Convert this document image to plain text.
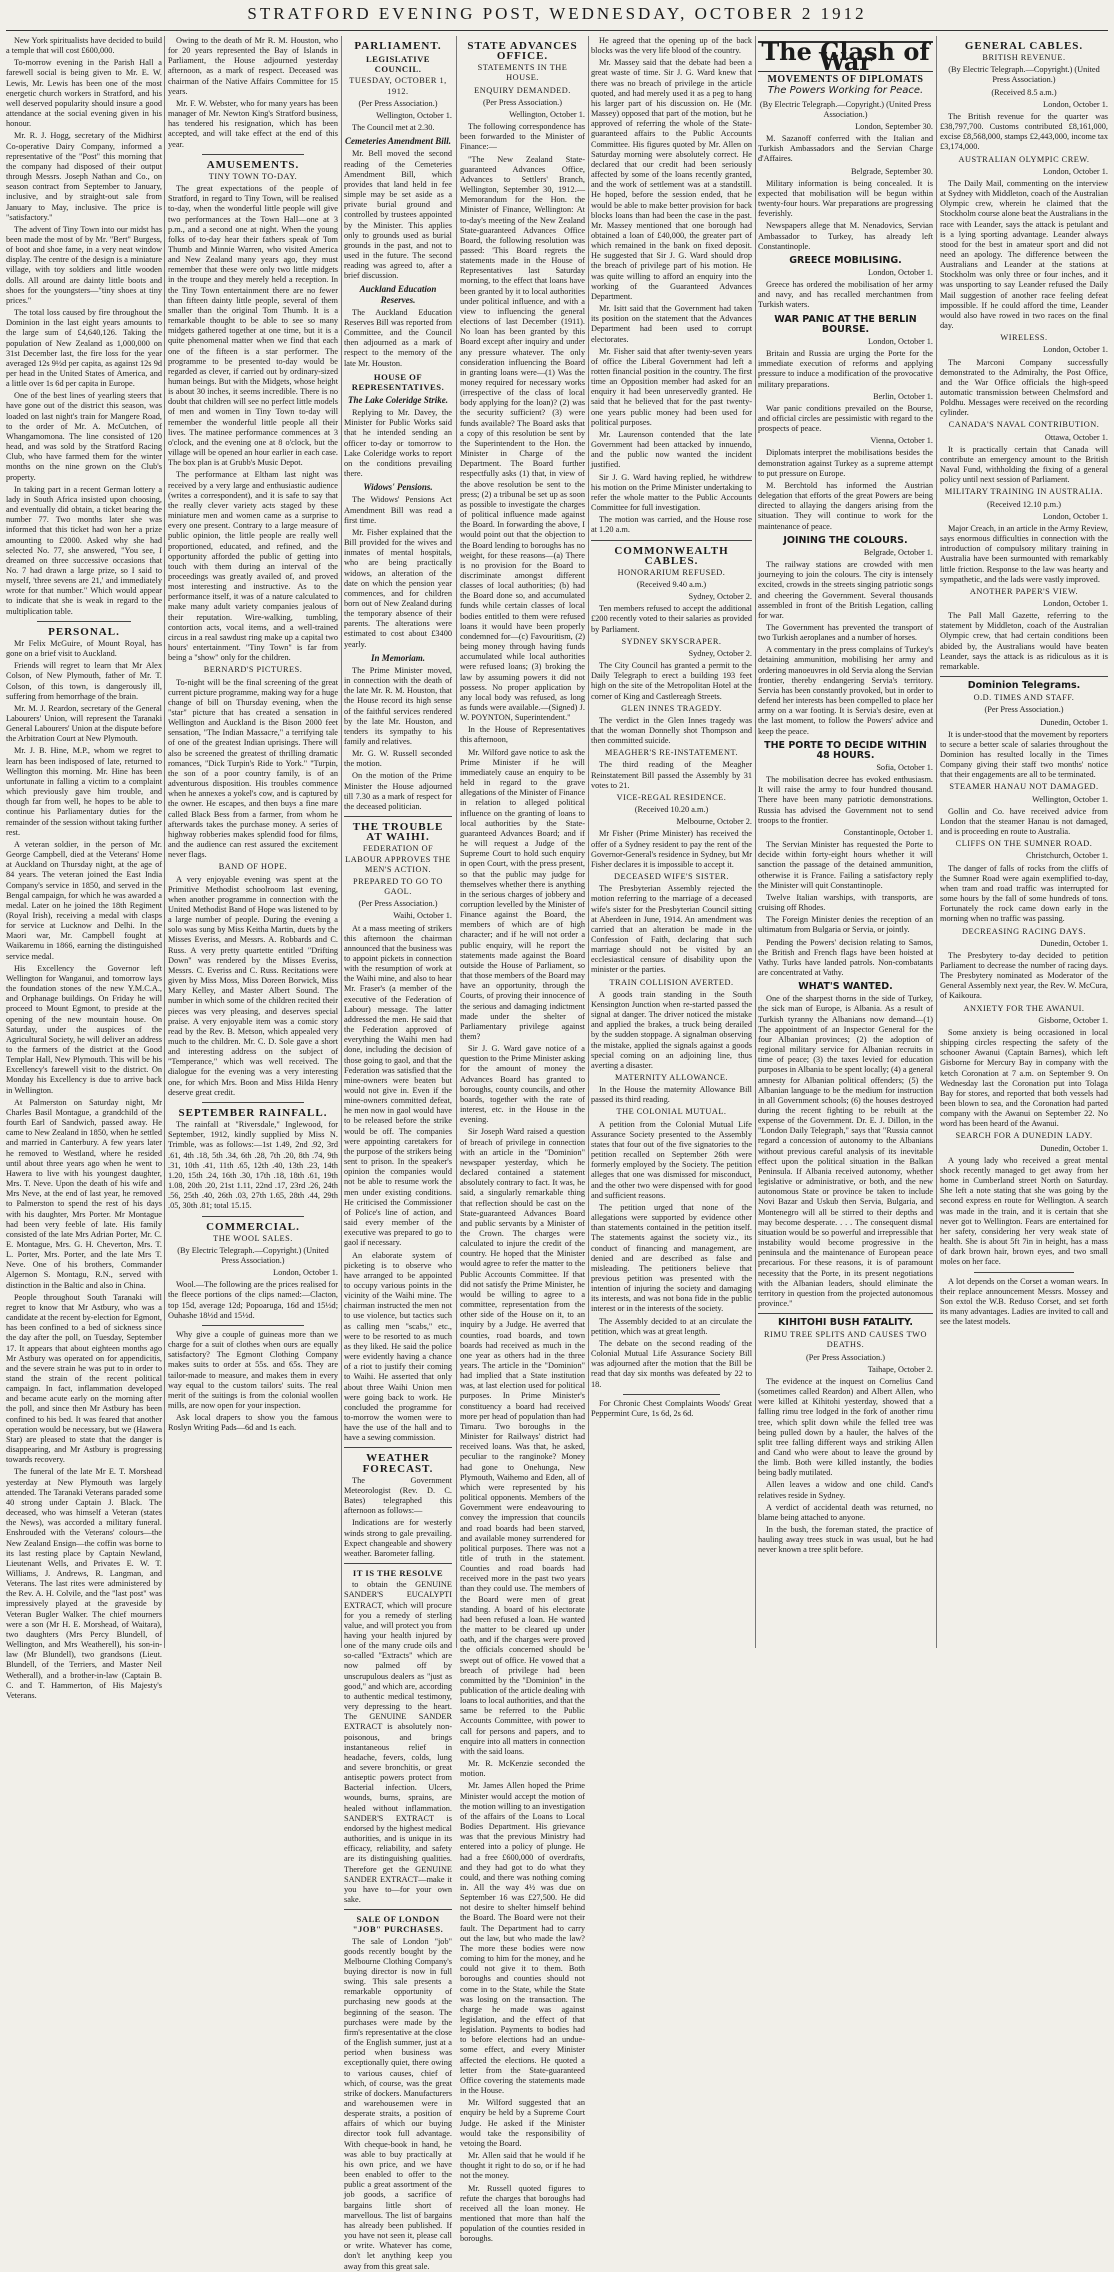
STRATFORD EVENING POST, WEDNESDAY, OCTOBER 2 1912

New York spiritualists have decided to build a temple that will cost £600,000.

To-morrow evening in the Parish Hall a farewell social is being given to Mr. E. W. Lewis, Mr. Lewis has been one of the most energetic church workers in Stratford, and his well deserved popularity should insure a good attendance at the social evening given in his honour.

Mr. R. J. Hogg, secretary of the Midhirst Co-operative Dairy Company, informed a representative of the "Post" this morning that the company had disposed of their output through Messrs. Joseph Nathan and Co., on season contract from September to January, inclusive, and by straight-out sale from January to May, inclusive. The price is "satisfactory."

The advent of Tiny Town into our midst has been made the most of by Mr. "Bert" Burgess, of boot and shoe fame, in a very neat window display. The centre of the design is a miniature village, with toy soldiers and little wooden dolls. All around are dainty little boots and shoes for the youngsters—"tiny shoes at tiny prices."

The total loss caused by fire throughout the Dominion in the last eight years amounts to the large sum of £4,640,126. Taking the population of New Zealand as 1,000,000 on 31st December last, the fire loss for the year averaged 12s 9½d per capita, as against 12s 9d per head in the United States of America, and a little over 1s 6d per capita in Europe.

One of the best lines of yearling steers that have gone out of the district this season, was loaded on last night's train for Mangere Road, to the order of Mr. A. McCutchen, of Whangamomona. The line consisted of 120 head, and was sold by the Stratford Racing Club, who have farmed them for the winter months on the nine grown on the Club's property.

In taking part in a recent German lottery a lady in South Africa insisted upon choosing, and eventually did obtain, a ticket bearing the number 77. Two months later she was informed that this ticket had won her a prize amounting to £2000. Asked why she had selected No. 77, she answered, "You see, I dreamed on three successive occasions that No. 7 had drawn a large prize, so I said to myself, 'three sevens are 21,' and immediately wrote for that number." Which would appear to indicate that she is weak in regard to the multiplication table.

PERSONAL.

Mr Felix McGuire, of Mount Royal, has gone on a brief visit to Auckland.

Friends will regret to learn that Mr Alex Colson, of New Plymouth, father of Mr. T. Colson, of this town, is dangerously ill, suffering from hemorrhage of the brain.

Mr. M. J. Reardon, secretary of the General Labourers' Union, will represent the Taranaki General Labourers' Union at the dispute before the Arbitration Court at New Plymouth.

Mr. J. B. Hine, M.P., whom we regret to learn has been indisposed of late, returned to Wellington this morning. Mr. Hine has been unfortunate in falling a victim to a complaint which previously gave him trouble, and though far from well, he hopes to be able to continue his Parliamentary duties for the remainder of the session without taking further rest.

A veteran soldier, in the person of Mr. George Campbell, died at the Veterans' Home at Auckland on Thursday night, at the age of 84 years. The veteran joined the East India Company's service in 1850, and served in the Bengal campaign, for which he was awarded a medal. Later on he joined the 18th Regiment (Royal Irish), receiving a medal with clasps for service at Lucknow and Delhi. In the Maori war, Mr. Campbell fought at Waikaremu in 1866, earning the distinguished service medal.

His Excellency the Governor left Wellington for Wanganui, and tomorrow lays the foundation stones of the new Y.M.C.A., and Orphanage buildings. On Friday he will proceed to Mount Egmont, to preside at the opening of the new mountain house. On Saturday, under the auspices of the Agricultural Society, he will deliver an address to the farmers of the district at the Good Templar Hall, New Plymouth. This will be his Excellency's farewell visit to the district. On Monday his Excellency is due to arrive back in Wellington.

At Palmerston on Saturday night, Mr Charles Basil Montague, a grandchild of the fourth Earl of Sandwich, passed away. He came to New Zealand in 1850, when he settled and married in Canterbury. A few years later he removed to Westland, where he resided until about three years ago when he went to Hawera to live with his youngest daughter, Mrs. T. Neve. Upon the death of his wife and Mrs Neve, at the end of last year, he removed to Palmerston to spend the rest of his days with his daughter, Mrs Porter. Mr Montague had been very feeble of late. His family consisted of the late Mrs Adrian Porter, Mr. C. E. Montague, Mrs. G. H. Cheverton, Mrs. T. L. Porter, Mrs. Porter, and the late Mrs T. Neve. One of his brothers, Commander Algernon S. Montagu, R.N., served with distinction in the Baltic and also in China.

People throughout South Taranaki will regret to know that Mr Astbury, who was a candidate at the recent by-election for Egmont, has been confined to a bed of sickness since the day after the poll, on Tuesday, September 17. It appears that about eighteen months ago Mr Astbury was operated on for appendicitis, and the severe strain he was put to in order to stand the strain of the recent political campaign. In fact, inflammation developed and became acute early on the morning after the poll, and since then Mr Astbury has been confined to his bed. It was feared that another operation would be necessary, but we (Hawera Star) are pleased to state that the danger is disappearing, and Mr Astbury is progressing towards recovery.

The funeral of the late Mr E. T. Morshead yesterday at New Plymouth was largely attended. The Taranaki Veterans paraded some 40 strong under Captain J. Black. The deceased, who was himself a Veteran (states the News), was accorded a military funeral. Enshrouded with the Veterans' colours—the New Zealand Ensign—the coffin was borne to its last resting place by Captain Newland, Lieutenant Wells, and Privates E. W. T. Williams, J. Andrews, R. Langman, and Veterans. The last rites were administered by the Rev. A. H. Colvile, and the "last post" was impressively played at the graveside by Veteran Bugler Walker. The chief mourners were a son (Mr H. E. Morshead, of Waitara), two daughters (Mrs Percy Blundell, of Wellington, and Mrs Weatherell), his son-in-law (Mr Blundell), two grandsons (Lieut. Blundell, of the Terriers, and Master Neil Wetherall), and a brother-in-law (Captain B. C. and T. Hammerton, of His Majesty's Veterans.

Owing to the death of Mr R. M. Houston, who for 20 years represented the Bay of Islands in Parliament, the House adjourned yesterday afternoon, as a mark of respect. Deceased was chairman of the Native Affairs Committee for 15 years.

Mr. F. W. Webster, who for many years has been manager of Mr. Newton King's Stratford business, has tendered his resignation, which has been accepted, and will take effect at the end of this year.

AMUSEMENTS.
TINY TOWN TO-DAY.

The great expectations of the people of Stratford, in regard to Tiny Town, will be realised to-day, when the wonderful little people will give two performances at the Town Hall—one at 3 p.m., and a second one at night. When the young folks of to-day hear their fathers speak of Tom Thumb and Minnie Warren, who visited America and New Zealand many years ago, they must remember that these were only two little midgets in the troupe and they merely held a reception. In the Tiny Town entertainment there are no fewer than fifteen dainty little people, several of them smaller than the original Tom Thumb. It is a remarkable thought to be able to see so many midgets gathered together at one time, but it is a quite phenomenal matter when we find that each one of the fifteen is a star performer. The programme to be presented to-day would be regarded as clever, if carried out by ordinary-sized human beings. But with the Midgets, whose height is about 30 inches, it seems incredible. There is no doubt that children will see no perfect little models of men and women in Tiny Town to-day will remember the wonderful little people all their lives. The matinee performance commences at 3 o'clock, and the evening one at 8 o'clock, but the village will be opened an hour earlier in each case. The box plan is at Grubb's Music Depot.

The performance at Eltham last night was received by a very large and enthusiastic audience (writes a correspondent), and it is safe to say that the really clever variety acts staged by these miniature men and women came as a surprise to every one present. Contrary to a large measure of public opinion, the little people are really well proportioned, educated, and refined, and the opportunity afforded the public of getting into touch with them during an interval of the proceedings was greatly availed of, and proved most interesting and instructive. As to the performance itself, it was of a nature calculated to make many adult variety companies jealous of their reputation. Wire-walking, tumbling, contortion acts, vocal items, and a well-trained circus in a real sawdust ring make up a capital two hours' entertainment. "Tiny Town" is far from being a "show" only for the children.

BERNARD'S PICTURES.

To-night will be the final screening of the great current picture programme, making way for a huge change of bill on Thursday evening, when the "star" picture that has created a sensation in Wellington and Auckland is the Bison 2000 feet sensation, "The Indian Massacre," a terrifying tale of one of the greatest Indian uprisings. There will also be screened the greatest of thrilling dramatic romances, "Dick Turpin's Ride to York." "Turpin, the son of a poor country family, is of an adventurous disposition. His troubles commence when he annexes a yokel's cow, and is captured by the owner. He escapes, and then buys a fine mare called Black Bess from a farmer, from whom he afterwards takes the purchase money. A series of highway robberies makes splendid food for films, and the audience can rest assured the excitement never flags.

BAND OF HOPE.

A very enjoyable evening was spent at the Primitive Methodist schoolroom last evening, when another programme in connection with the United Methodist Band of Hope was listened to by a large number of people. During the evening a solo was sung by Miss Keitha Martin, duets by the Misses Everiss, and Messrs. A. Robbards and C. Russ. A very pretty quartette entitled "Drifting Down" was rendered by the Misses Everiss, Messrs. C. Everiss and C. Russ. Recitations were given by Miss Moss, Miss Doreen Borwick, Miss Mary Kelley, and Master Albert Sound. The number in which some of the children recited their pieces was very pleasing, and deserves special praise. A very enjoyable item was a comic story read by the Rev. B. Metson, which appealed very much to the children. Mr. C. D. Sole gave a short and interesting address on the subject of "Temperance," which was well received. The dialogue for the evening was a very interesting one, for which Mrs. Boon and Miss Hilda Henry deserve great credit.

SEPTEMBER RAINFALL.

The rainfall at "Riversdale," Inglewood, for September, 1912, kindly supplied by Miss N. Trimble, was as follows:—1st 1.49, 2nd .92, 3rd .61, 4th .18, 5th .34, 6th .28, 7th .20, 8th .74, 9th .31, 10th .41, 11th .65, 12th .40, 13th .23, 14th 1.20, 15th .24, 16th .30, 17th .18, 18th .61, 19th 1.08, 20th .20, 21st 1.11, 22nd .17, 23rd .26, 24th .56, 25th .40, 26th .03, 27th 1.65, 28th .44, 29th .05, 30th .81; total 15.15.

COMMERCIAL.
THE WOOL SALES.
(By Electric Telegraph.—Copyright.) (United Press Association.)

London, October 1.

Wool.—The following are the prices realised for the fleece portions of the clips named:—Clacton, top 15d, average 12d; Popoaruga, 16d and 15½d; Ouhashe 18½d and 15½d.

Why give a couple of guineas more than we charge for a suit of clothes when ours are equally satisfactory? The Egmont Clothing Company makes suits to order at 55s. and 65s. They are tailor-made to measure, and makes them in every way equal to the custom tailors' suits. The real merit of the suitings is from the colonial woollen mills, are now open for your inspection.

Ask local drapers to show you the famous Roslyn Writing Pads—6d and 1s each.

PARLIAMENT.
LEGISLATIVE COUNCIL.
TUESDAY, OCTOBER 1, 1912.
(Per Press Association.)

Wellington, October 1.

The Council met at 2.30.

Cemeteries Amendment Bill.

Mr. Bell moved the second reading of the Cemeteries Amendment Bill, which provides that land held in fee simple may be set aside as a private burial ground and controlled by trustees appointed by the Minister. This applies only to grounds used as burial grounds in the past, and not to used in the future. The second reading was agreed to, after a brief discussion.

Auckland Education Reserves.

The Auckland Education Reserves Bill was reported from Committee, and the Council then adjourned as a mark of respect to the memory of the late Mr. Houston.

HOUSE OF REPRESENTATIVES.
The Lake Coleridge Strike.

Replying to Mr. Davey, the Minister for Public Works said that he intended sending an officer to-day or tomorrow to Lake Coleridge works to report on the conditions prevailing there.

Widows' Pensions.

The Widows' Pensions Act Amendment Bill was read a first time.

Mr. Fisher explained that the Bill provided for the wives and inmates of mental hospitals, who are being practically widows, an alteration of the date on which the pension year commences, and for children born out of New Zealand during the temporary absence of their parents. The alterations were estimated to cost about £3400 yearly.

In Memoriam.

The Prime Minister moved, in connection with the death of the late Mr. R. M. Houston, that the House record its high sense of the faithful services rendered by the late Mr. Houston, and tenders its sympathy to his family and relatives.

Mr. G. W. Russell seconded the motion.

On the motion of the Prime Minister the House adjourned till 7.30 as a mark of respect for the deceased politician.

THE TROUBLE AT WAIHI.
FEDERATION OF LABOUR APPROVES THE MEN'S ACTION.
PREPARED TO GO TO GAOL.
(Per Press Association.)

Waihi, October 1.

At a mass meeting of strikers this afternoon the chairman announced that the business was to appoint pickets in connection with the resumption of work at the Waihi mine, and also to hear Mr. Fraser's (a member of the executive of the Federation of Labour) message. The latter addressed the men. He said that the Federation approved of everything the Waihi men had done, including the decision of those going to gaol, and that the Federation was satisfied that the mine-owners were beaten but would not give in. Even if the mine-owners committed defeat, he men now in gaol would have to be released before the strike would be off. The companies were appointing caretakers for the purpose of the strikers being sent to prison. In the speaker's opinion the companies would not be able to resume work the men under existing conditions. He criticised the Commissioner of Police's line of action, and said every member of the executive was prepared to go to gaol if necessary.

An elaborate system of picketing is to observe who have arranged to be appointed to occupy various points in the vicinity of the Waihi mine. The chairman instructed the men not to use violence, but tactics such as calling men "scabs," etc., were to be resorted to as much as they liked. He said the police were evidently having a chance of a riot to justify their coming to Waihi. He asserted that only about three Waihi Union men were going back to work. He concluded the programme for to-morrow the women were to have the use of the hall and to have a sewing commission.

WEATHER FORECAST.

The Government Meteorologist (Rev. D. C. Bates) telegraphed this afternoon as follows:—

Indications are for westerly winds strong to gale prevailing. Expect changeable and showery weather. Barometer falling.

IT IS THE RESOLVE

to obtain the GENUINE SANDER'S EUCALYPTI EXTRACT, which will procure for you a remedy of sterling value, and will protect you from having your health injured by one of the many crude oils and so-called "Extracts" which are now palmed off by unscrupulous dealers as "just as good," and which are, according to authentic medical testimony, very depressing to the heart. The GENUINE SANDER EXTRACT is absolutely non-poisonous, and brings instantaneous relief in headache, fevers, colds, lung and severe bronchitis, or great antiseptic powers protect from Bacterial infection. Ulcers, wounds, burns, sprains, are healed without inflammation. SANDER'S EXTRACT is endorsed by the highest medical authorities, and is unique in its efficacy, reliability, and safety are its distinguishing qualities. Therefore get the GENUINE SANDER EXTRACT—make it you have to—for your own sake.

SALE OF LONDON "JOB" PURCHASES.

The sale of London "job" goods recently bought by the Melbourne Clothing Company's buying director is now in full swing. This sale presents a remarkable opportunity of purchasing new goods at the beginning of the season. The purchases were made by the firm's representative at the close of the English summer, just at a period when business was exceptionally quiet, there owing to various causes, chief of which, of course, was the great strike of dockers. Manufacturers and warehousemen were in desperate straits, a position of affairs of which our buying director took full advantage. With cheque-book in hand, he was able to buy practically at his own price, and we have been enabled to offer to the public a great assortment of the job goods, a sacrifice of bargains little short of marvellous. The list of bargains has already been published. If you have not seen it, please call or write. Whatever has come, don't let anything keep you away from this great sale.

STATE ADVANCES OFFICE.
STATEMENTS IN THE HOUSE.
ENQUIRY DEMANDED.
(Per Press Association.)

Wellington, October 1.

The following correspondence has been forwarded to the Minister of Finance:—

"The New Zealand State-guaranteed Advances Office, Advances to Settlers' Branch, Wellington, September 30, 1912.—Memorandum for the Hon. the Minister of Finance, Wellington: At to-day's meeting of the New Zealand State-guaranteed Advances Office Board, the following resolution was passed: 'This Board regrets the statements made in the House of Representatives last Saturday morning, to the effect that loans have been granted by it to local authorities under political influence, and with a view to influencing the general elections of last December (1911). No loan has been granted by this Board except after inquiry and under any pressure whatever. The only consideration influencing the Board in granting loans were—(1) Was the money required for necessary works (irrespective of the class of local body applying for the loan)? (2) was the security sufficient? (3) were funds available? The Board asks that a copy of this resolution be sent by the Superintendent to the Hon. the Minister in Charge of the Department. The Board further respectfully asks (1) that, in view of the above resolution be sent to the press; (2) a tribunal be set up as soon as possible to investigate the charges of political influence made against the Board. In forwarding the above, I would point out that the objection to the Board lending to boroughs has no weight, for these reasons—(a) There is no provision for the Board to discriminate amongst different classes of local authorities; (b) had the Board done so, and accumulated funds while certain classes of local bodies entitled to them were refused loans it would have been properly condemned for—(c) Favouritism, (2) being money through having funds accumulated while local authorities were refused loans; (3) broking the law by assuming powers it did not possess. No proper application by any local body was refused, as long as funds were available.—(Signed) J. W. POYNTON, Superintendent."

In the House of Representatives this afternoon,

Mr. Wilford gave notice to ask the Prime Minister if he will immediately cause an enquiry to be held in regard to the grave allegations of the Minister of Finance in relation to alleged political influence on the granting of loans to local authorities by the State-guaranteed Advances Board; and if he will request a Judge of the Supreme Court to hold such enquiry in open Court, with the press present, so that the public may judge for themselves whether there is anything in the serious charges of jobbery and corruption levelled by the Minister of Finance against the Board, the members of which are of high character; and if he will not order a public enquiry, will he report the statements made against the Board outside the House of Parliament, so that those members of the Board may have an opportunity, through the Courts, of proving their innocence of the serious and damaging indictment made under the shelter of Parliamentary privilege against them?

Sir J. G. Ward gave notice of a question to the Prime Minister asking for the amount of money the Advances Board has granted to boroughs, county councils, and other boards, together with the rate of interest, etc. in the House in the evening.

Sir Joseph Ward raised a question of breach of privilege in connection with an article in the "Dominion" newspaper yesterday, which he declared contained a statement absolutely contrary to fact. It was, he said, a singularly remarkable thing that reflection should be cast on the State-guaranteed Advances Board and public servants by a Minister of the Crown. The charges were calculated to injure the credit of the country. He hoped that the Minister would agree to refer the matter to the Public Accounts Committee. If that did not satisfy the Prime Minister, he would be willing to agree to a committee, representation from the other side of the House on it, to an inquiry by a Judge. He averred that counties, road boards, and town boards had received as much in the one year as others had in the three years. The article in the "Dominion" had implied that a State institution was, at last election used for political purposes. In Prime Minister's constituency a board had received more per head of population than had Timaru. Two boroughs in the Minister for Railways' district had received loans. Was that, he asked, peculiar to the ranginoke? Money had gone to Onehunga, New Plymouth, Waihemo and Eden, all of which were represented by his political opponents. Members of the Government were endeavouring to convey the impression that councils and road boards had been starved, and available money surrendered for political purposes. There was not a title of truth in the statement. Counties and road boards had received more in the past two years than they could use. The members of the Board were men of great standing. A board of his electorate had been refused a loan. He wanted the matter to be cleared up under oath, and if the charges were proved the officials concerned should be swept out of office. He vowed that a breach of privilege had been committed by the "Dominion" in the publication of the article dealing with loans to local authorities, and that the same be referred to the Public Accounts Committee, with power to call for persons and papers, and to enquire into all matters in connection with the said loans.

Mr. R. McKenzie seconded the motion.

Mr. James Allen hoped the Prime Minister would accept the motion of the motion willing to an investigation of the affairs of the Loans to Local Bodies Department. His grievance was that the previous Ministry had entered into a policy of plunge. He had a free £600,000 of overdrafts, and they had got to do what they could, and there was nothing coming in. All the way 4½ was due on September 16 was £27,500. He did not desire to shelter himself behind the Board. The Board were not their fault. The Department had to carry out the law, but who made the law? The more these bodies were now coming to him for the money, and he could not give it to them. Both boroughs and counties should not come in to the State, while the State was losing on the transaction. The charge he made was against legislation, and the effect of that legislation. Payments to bodies had to before elections had an undue-some effect, and every Minister affected the elections. He quoted a letter from the State-guaranteed Office covering the statements made in the House.

Mr. Wilford suggested that an enquiry be held by a Supreme Court Judge. He asked if the Minister would take the responsibility of vetoing the Board.

Mr. Allen said that he would if he thought it right to do so, or if he had not the money.

Mr. Russell quoted figures to refute the charges that boroughs had received all the loan money. He mentioned that more than half the population of the counties resided in boroughs.

He agreed that the opening up of the back blocks was the very life blood of the country.

Mr. Massey said that the debate had been a great waste of time. Sir J. G. Ward knew that there was no breach of privilege in the article quoted, and had merely used it as a peg to hang his larger part of his discussion on. He (Mr. Massey) opposed that part of the motion, but he approved of referring the whole of the State-guaranteed affairs to the Public Accounts Committee. His figures quoted by Mr. Allen on Saturday morning were absolutely correct. He declared that our credit had been seriously affected by some of the loans recently granted, and the work of settlement was at a standstill. He hoped, before the session ended, that he would be able to make better provision for back blocks loans than had been the case in the past. Mr. Massey mentioned that one borough had obtained a loan of £40,000, the greater part of which remained in the bank on fixed deposit. He suggested that Sir J. G. Ward should drop the breach of privilege part of his motion. He was quite willing to afford an enquiry into the working of the Guaranteed Advances Department.

Mr. Isitt said that the Government had taken its position on the statement that the Advances Department had been used to corrupt electorates.

Mr. Fisher said that after twenty-seven years of office the Liberal Government had left a rotten financial position in the country. The first time an Opposition member had asked for an enquiry it had been unreservedly granted. He said that he believed that for the past twenty-one years public money had been used for political purposes.

Mr. Laurenson contended that the late Government had been attacked by innuendo, and the public now wanted the incident justified.

Sir J. G. Ward having replied, he withdrew his motion on the Prime Minister undertaking to refer the whole matter to the Public Accounts Committee for full investigation.

The motion was carried, and the House rose at 1.20 a.m.

COMMONWEALTH CABLES.
HONORARIUM REFUSED.
(Received 9.40 a.m.)

Sydney, October 2.

Ten members refused to accept the additional £200 recently voted to their salaries as provided by Parliament.

SYDNEY SKYSCRAPER.

Sydney, October 2.

The City Council has granted a permit to the Daily Telegraph to erect a building 193 feet high on the site of the Metropolitan Hotel at the corner of King and Castlereagh Streets.

GLEN INNES TRAGEDY.

The verdict in the Glen Innes tragedy was that the woman Donnelly shot Thompson and then committed suicide.

MEAGHER'S RE-INSTATEMENT.

The third reading of the Meagher Reinstatement Bill passed the Assembly by 31 votes to 21.

VICE-REGAL RESIDENCE.
(Received 10.20 a.m.)

Melbourne, October 2.

Mr Fisher (Prime Minister) has received the offer of a Sydney resident to pay the rent of the Governor-General's residence in Sydney, but Mr Fisher declares it is impossible to accept it.

DECEASED WIFE'S SISTER.

The Presbyterian Assembly rejected the motion referring to the marriage of a deceased wife's sister for the Presbyterian Council sitting at Aberdeen in June, 1914. An amendment was carried that an alteration be made in the Confession of Faith, declaring that such marriage should not be visited by an ecclesiastical censure of disability upon the minister or the parties.

TRAIN COLLISION AVERTED.

A goods train standing in the South Kensington Junction when re-started passed the signal at danger. The driver noticed the mistake and applied the brakes, a truck being derailed by the sudden stoppage. A signalman observing the mistake, applied the signals against a goods special coming on an adjoining line, thus averting a disaster.

MATERNITY ALLOWANCE.

In the House the maternity Allowance Bill passed its third reading.

THE COLONIAL MUTUAL.

A petition from the Colonial Mutual Life Assurance Society presented to the Assembly states that four out of the five signatories to the petition recalled on September 26th were formerly employed by the Society. The petition alleges that one was dismissed for misconduct, and the other two were dispensed with for good and sufficient reasons.

The petition urged that none of the allegations were supported by evidence other than statements contained in the petition itself. The statements against the society viz., its conduct of financing and management, are denied and are described as false and misleading. The petitioners believe that previous petition was presented with the intention of injuring the society and damaging its interests, and was not bona fide in the public interest or in the interests of the society.

The Assembly decided to at an circulate the petition, which was at great length.

The debate on the second reading of the Colonial Mutual Life Assurance Society Bill was adjourned after the motion that the Bill be read that day six months was defeated by 22 to 18.

For Chronic Chest Complaints Woods' Great Peppermint Cure, 1s 6d, 2s 6d.

The Clash of War
MOVEMENTS OF DIPLOMATS
The Powers Working for Peace.
(By Electric Telegraph.—Copyright.) (United Press Association.)

London, September 30.

M. Sazanoff conferred with the Italian and Turkish Ambassadors and the Servian Charge d'Affaires.

Belgrade, September 30.

Military information is being concealed. It is expected that mobilisation will be begun within twenty-four hours. War preparations are progressing feverishly.

Newspapers allege that M. Nenadovics, Servian Ambassador to Turkey, has already left Constantinople.

GREECE MOBILISING.

London, October 1.

Greece has ordered the mobilisation of her army and navy, and has recalled merchantmen from Turkish waters.

WAR PANIC AT THE BERLIN BOURSE.

London, October 1.

Britain and Russia are urging the Porte for the immediate execution of reforms and applying pressure to induce a modification of the provocative military preparations.

Berlin, October 1.

War panic conditions prevailed on the Bourse, and official circles are pessimistic with regard to the prospects of peace.

Vienna, October 1.

Diplomats interpret the mobilisations besides the demonstration against Turkey as a supreme attempt to put pressure on Europe.

M. Berchtold has informed the Austrian delegation that efforts of the great Powers are being directed to allaying the dangers arising from the situation. They will continue to work for the maintenance of peace.

JOINING THE COLOURS.

Belgrade, October 1.

The railway stations are crowded with men journeying to join the colours. The city is intensely excited, crowds in the streets singing patriotic songs and cheering the Government. Several thousands assembled in front of the British Legation, calling for war.

The Government has prevented the transport of two Turkish aeroplanes and a number of horses.

A commentary in the press complains of Turkey's detaining ammunition, mobilising her army and ordering manoeuvres in old Servia along the Servian frontier, thereby endangering Servia's territory. Servia has been constantly provoked, but in order to defend her interests has been compelled to place her army on a war footing. It is Servia's desire, even at the last moment, to follow the Powers' advice and keep the peace.

THE PORTE TO DECIDE WITHIN 48 HOURS.

Sofia, October 1.

The mobilisation decree has evoked enthusiasm. It will raise the army to four hundred thousand. There have been many patriotic demonstrations. Russia has advised the Government not to send troops to the frontier.

Constantinople, October 1.

The Servian Minister has requested the Porte to decide within forty-eight hours whether it will sanction the passage of the detained ammunition, otherwise it is France. Failing a satisfactory reply the Minister will quit Constantinople.

Twelve Italian warships, with transports, are cruising off Rhodes.

The Foreign Minister denies the reception of an ultimatum from Bulgaria or Servia, or jointly.

Pending the Powers' decision relating to Samos, the British and French flags have been hoisted at Vathy. Turks have landed patrols. Non-combatants are concentrated at Vathy.

WHAT'S WANTED.

One of the sharpest thorns in the side of Turkey, the sick man of Europe, is Albania. As a result of Turkish tyranny the Albanians now demand—(1) The appointment of an Inspector General for the four Albanian provinces; (2) the adoption of regional military service for Albanian recruits in time of peace; (3) the taxes levied for education purposes in Albania to be spent locally; (4) a general amnesty for Albanian political offenders; (5) the Albanian language to be the medium for instruction in all Government schools; (6) the houses destroyed during the recent fighting to be rebuilt at the expense of the Government. Dr. E. J. Dillon, in the "London Daily Telegraph," says that "Russia cannot regard a concession of autonomy to the Albanians without previous careful analysis of its inevitable effect upon the political situation in the Balkan Peninsula. If Albania received autonomy, whether legislative or administrative, or both, and the new autonomous State or province be taken to include Novi Bazar and Uskub then Servia, Bulgaria, and Montenegro will all be stirred to their depths and may become desperate. . . . The consequent dismal situation would be so powerful and irrepressible that instability would become progressive in the peninsula and the maintenance of European peace precarious. For these reasons, it is of paramount necessity that the Porte, in its present negotiations with the Albanian leaders, should eliminate the territory in question from the projected autonomous province."

KIHITOHI BUSH FATALITY.
RIMU TREE SPLITS AND CAUSES TWO DEATHS.
(Per Press Association.)

Taihape, October 2.

The evidence at the inquest on Cornelius Cand (sometimes called Reardon) and Albert Allen, who were killed at Kihitohi yesterday, showed that a falling rimu tree lodged in the fork of another rimu tree, which split down while the felled tree was being pulled down by a hauler, the halves of the split tree falling different ways and striking Allen and Cand who were about to leave the ground by the limb. Both were killed instantly, the bodies being badly mutilated.

Allen leaves a widow and one child. Cand's relatives reside in Sydney.

A verdict of accidental death was returned, no blame being attached to anyone.

In the bush, the foreman stated, the practice of hauling away trees stuck in was usual, but he had never known a tree split before.

GENERAL CABLES.
BRITISH REVENUE.
(By Electric Telegraph.—Copyright.) (United Press Association.)
(Received 8.5 a.m.)

London, October 1.

The British revenue for the quarter was £38,797,700. Customs contributed £8,161,000, excise £8,568,000, stamps £2,443,000, income tax £3,174,000.

AUSTRALIAN OLYMPIC CREW.

London, October 1.

The Daily Mail, commenting on the interview at Sydney with Middleton, coach of the Australian Olympic crew, wherein he claimed that the Stockholm course alone beat the Australians in the race with Leander, says the attack is petulant and is a lying sporting advantage. Leander always stood for the best in amateur sport and did not need an apology. The difference between the Australians and Leander at the stations at Stockholm was only three or four inches, and it was unsporting to say Leander refused the Daily Mail suggestion of another race feeling defeat impossible. If he could afford the time, Leander would also have rowed in two races on the final day.

WIRELESS.

London, October 1.

The Marconi Company successfully demonstrated to the Admiralty, the Post Office, and the War Office officials the high-speed automatic transmission between Chelmsford and Poldhu. Messages were received on the recording cylinder.

CANADA'S NAVAL CONTRIBUTION.

Ottawa, October 1.

It is practically certain that Canada will contribute an emergency amount to the British Naval Fund, withholding the fixing of a general policy until next session of Parliament.

MILITARY TRAINING IN AUSTRALIA.
(Received 12.10 p.m.)

London, October 1.

Major Creach, in an article in the Army Review, says enormous difficulties in connection with the introduction of compulsory military training in Australia have been surmounted with remarkably little friction. Response to the law was hearty and sympathetic, and the lads were vastly improved.

ANOTHER PAPER'S VIEW.

London, October 1.

The Pall Mall Gazette, referring to the statement by Middleton, coach of the Australian Olympic crew, that had certain conditions been abided by, the Australians would have beaten Leander, says the attack is as ridiculous as it is remarkable.

Dominion Telegrams.
O.D. TIMES AND STAFF.
(Per Press Association.)

Dunedin, October 1.

It is under-stood that the movement by reporters to secure a better scale of salaries throughout the Dominion has resulted locally in the Times Company giving their staff two months' notice that their engagements are all to be terminated.

STEAMER HANAU NOT DAMAGED.

Wellington, October 1.

Gollin and Co. have received advice from London that the steamer Hanau is not damaged, and is proceeding en route to Australia.

CLIFFS ON THE SUMNER ROAD.

Christchurch, October 1.

The danger of falls of rocks from the cliffs of the Sumner Road were again exemplified to-day, when tram and road traffic was interrupted for some hours by the fall of some hundreds of tons. Fortunately the rock came down early in the morning when no traffic was passing.

DECREASING RACING DAYS.

Dunedin, October 1.

The Presbytery to-day decided to petition Parliament to decrease the number of racing days. The Presbytery nominated as Moderator of the General Assembly next year, the Rev. W. McCura, of Kaikoura.

ANXIETY FOR THE AWANUI.

Gisborne, October 1.

Some anxiety is being occasioned in local shipping circles respecting the safety of the schooner Awanui (Captain Barnes), which left Gisborne for Mercury Bay in company with the ketch Coronation at 7 a.m. on September 9. On Wednesday last the Coronation put into Tolaga Bay for stores, and reported that both vessels had been blown to sea, and the Coronation had parted company with the Awanui on September 22. No word has been heard of the Awanui.

SEARCH FOR A DUNEDIN LADY.

Dunedin, October 1.

A young lady who received a great mental shock recently managed to get away from her home in Cumberland street North on Saturday. She left a note stating that she was going by the second express en route for Wellington. A search was made in the train, and it is certain that she never got to Wellington. Fears are entertained for her safety, considering her very weak state of health. She is about 5ft 7in in height, has a mass of dark brown hair, brown eyes, and two small moles on her face.

A lot depends on the Corset a woman wears. In their replace announcement Messrs. Mossey and Son extol the W.B. Reduso Corset, and set forth its many advantages. Ladies are invited to call and see the latest models.
